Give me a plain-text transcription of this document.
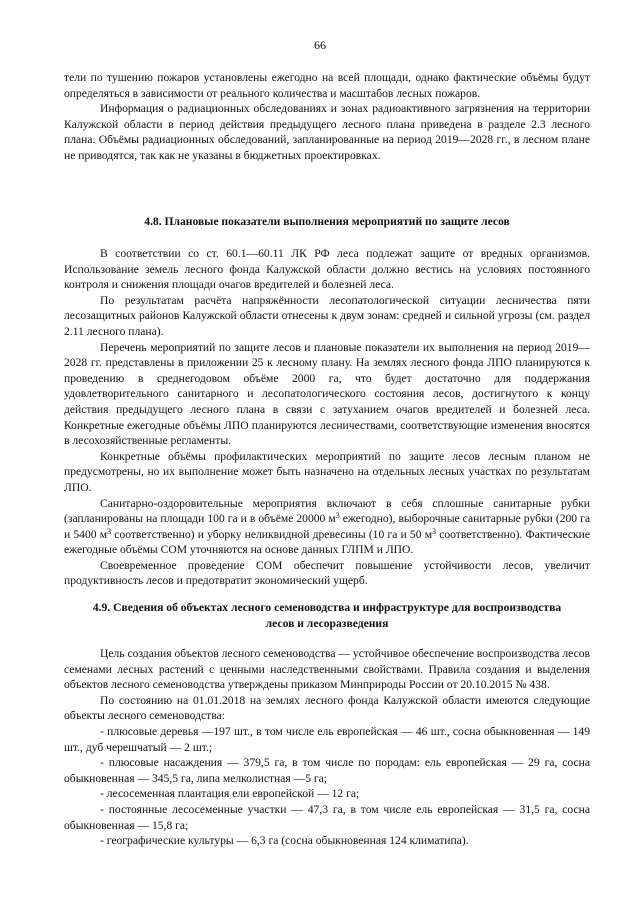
66

тели по тушению пожаров установлены ежегодно на всей площади, однако фактические объёмы будут определяться в зависимости от реального количества и масштабов лесных пожаров.

Информация о радиационных обследованиях и зонах радиоактивного загрязнения на территории Калужской области в период действия предыдущего лесного плана приведена в разделе 2.3 лесного плана. Объёмы радиационных обследований, запланированные на период 2019—2028 гг., в лесном плане не приводятся, так как не указаны в бюджетных проектировках.

4.8. Плановые показатели выполнения мероприятий по защите лесов

В соответствии со ст. 60.1—60.11 ЛК РФ леса подлежат защите от вредных организмов. Использование земель лесного фонда Калужской области должно вестись на условиях постоянного контроля и снижения площади очагов вредителей и болезней леса.

По результатам расчёта напряжённости лесопатологической ситуации лесничества пяти лесозащитных районов Калужской области отнесены к двум зонам: средней и сильной угрозы (см. раздел 2.11 лесного плана).

Перечень мероприятий по защите лесов и плановые показатели их выполнения на период 2019—2028 гг. представлены в приложении 25 к лесному плану. На землях лесного фонда ЛПО планируются к проведению в среднегодовом объёме 2000 га, что будет достаточно для поддержания удовлетворительного санитарного и лесопатологического состояния лесов, достигнутого к концу действия предыдущего лесного плана в связи с затуханием очагов вредителей и болезней леса. Конкретные ежегодные объёмы ЛПО планируются лесничествами, соответствующие изменения вносятся в лесохозяйственные регламенты.

Конкретные объёмы профилактических мероприятий по защите лесов лесным планом не предусмотрены, но их выполнение может быть назначено на отдельных лесных участках по результатам ЛПО.

Санитарно-оздоровительные мероприятия включают в себя сплошные санитарные рубки (запланированы на площади 100 га и в объёме 20000 $м^3$ ежегодно), выборочные санитарные рубки (200 га и 5400 $м^3$ соответственно) и уборку неликвидной древесины (10 га и 50 $м^3$ соответственно). Фактические ежегодные объёмы СОМ уточняются на основе данных ГЛПМ и ЛПО.

Своевременное проведение СОМ обеспечит повышение устойчивости лесов, увеличит продуктивность лесов и предотвратит экономический ущерб.

4.9. Сведения об объектах лесного семеноводства и инфраструктуре для воспроизводства
лесов и лесоразведения

Цель создания объектов лесного семеноводства — устойчивое обеспечение воспроизводства лесов семенами лесных растений с ценными наследственными свойствами. Правила создания и выделения объектов лесного семеноводства утверждены приказом Минприроды России от 20.10.2015 № 438.

По состоянию на 01.01.2018 на землях лесного фонда Калужской области имеются следующие объекты лесного семеноводства:

- плюсовые деревья —197 шт., в том числе ель европейская — 46 шт., сосна обыкновенная — 149 шт., дуб черешчатый — 2 шт.;

- плюсовые насаждения — 379,5 га, в том числе по породам: ель европейская — 29 га, сосна обыкновенная — 345,5 га, липа мелколистная —5 га;

- лесосеменная плантация ели европейской — 12 га;

- постоянные лесосеменные участки — 47,3 га, в том числе ель европейская — 31,5 га, сосна обыкновенная — 15,8 га;

- географические культуры — 6,3 га (сосна обыкновенная 124 климатипа).
